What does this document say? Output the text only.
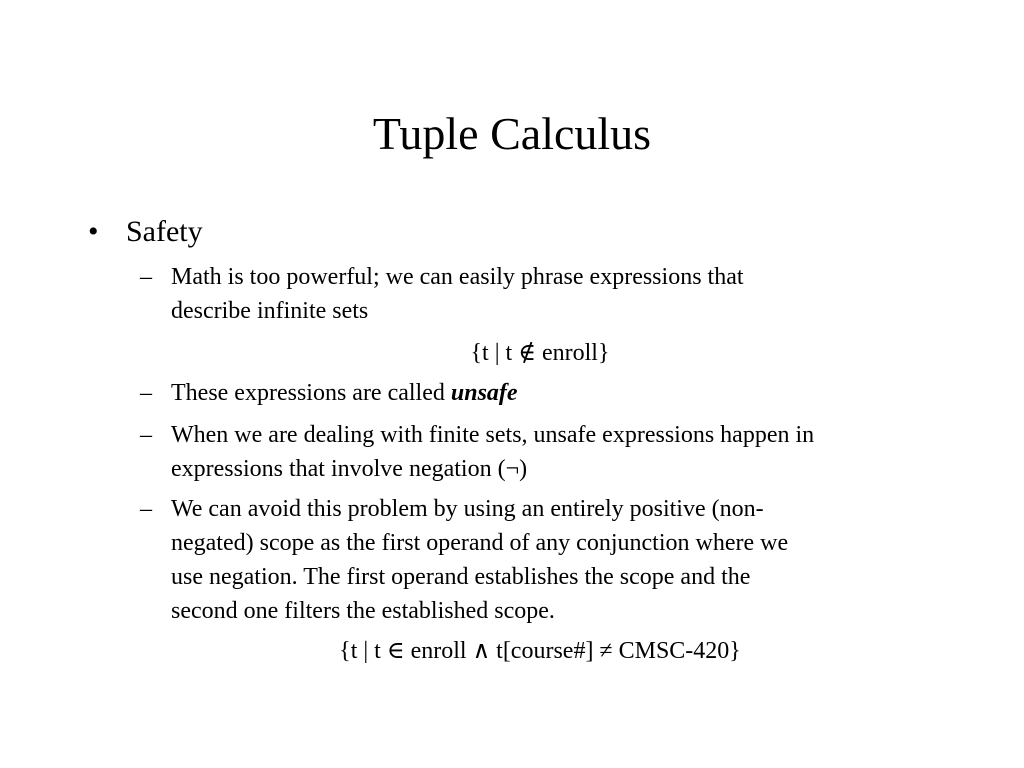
Tuple Calculus
• Safety
– Math is too powerful; we can easily phrase expressions that
describe infinite sets
{t | t ∉ enroll}
– These expressions are called unsafe
– When we are dealing with finite sets, unsafe expressions happen in
expressions that involve negation (¬)
– We can avoid this problem by using an entirely positive (non-
negated) scope as the first operand of any conjunction where we
use negation. The first operand establishes the scope and the
second one filters the established scope.
{t | t ∈ enroll ∧ t[course#] ≠ CMSC-420}
